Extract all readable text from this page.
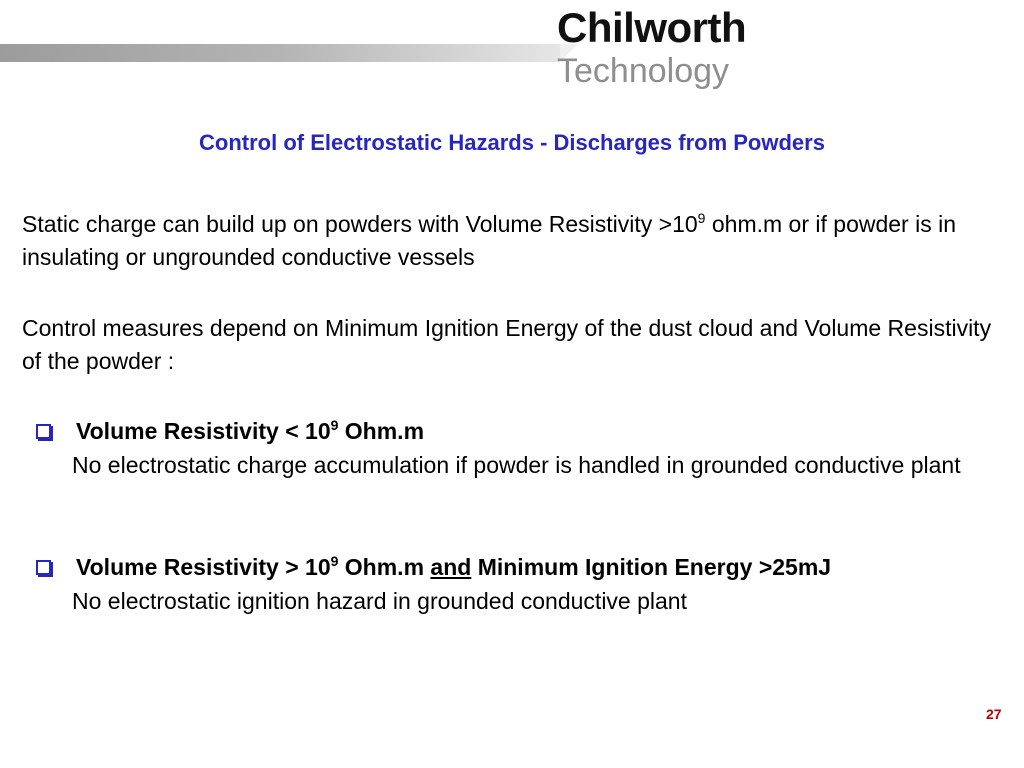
Chilworth
Technology
Control of Electrostatic Hazards - Discharges from Powders
Static charge can build up on powders with Volume Resistivity $>10^9$ ohm.m or if powder is in insulating or ungrounded conductive vessels
Control measures depend on Minimum Ignition Energy of the dust cloud and Volume Resistivity of the powder :
Volume Resistivity < $10^9$ Ohm.m
No electrostatic charge accumulation if powder is handled in grounded conductive plant
Volume Resistivity > $10^9$ Ohm.m and Minimum Ignition Energy >25mJ
No electrostatic ignition hazard in grounded conductive plant
27
